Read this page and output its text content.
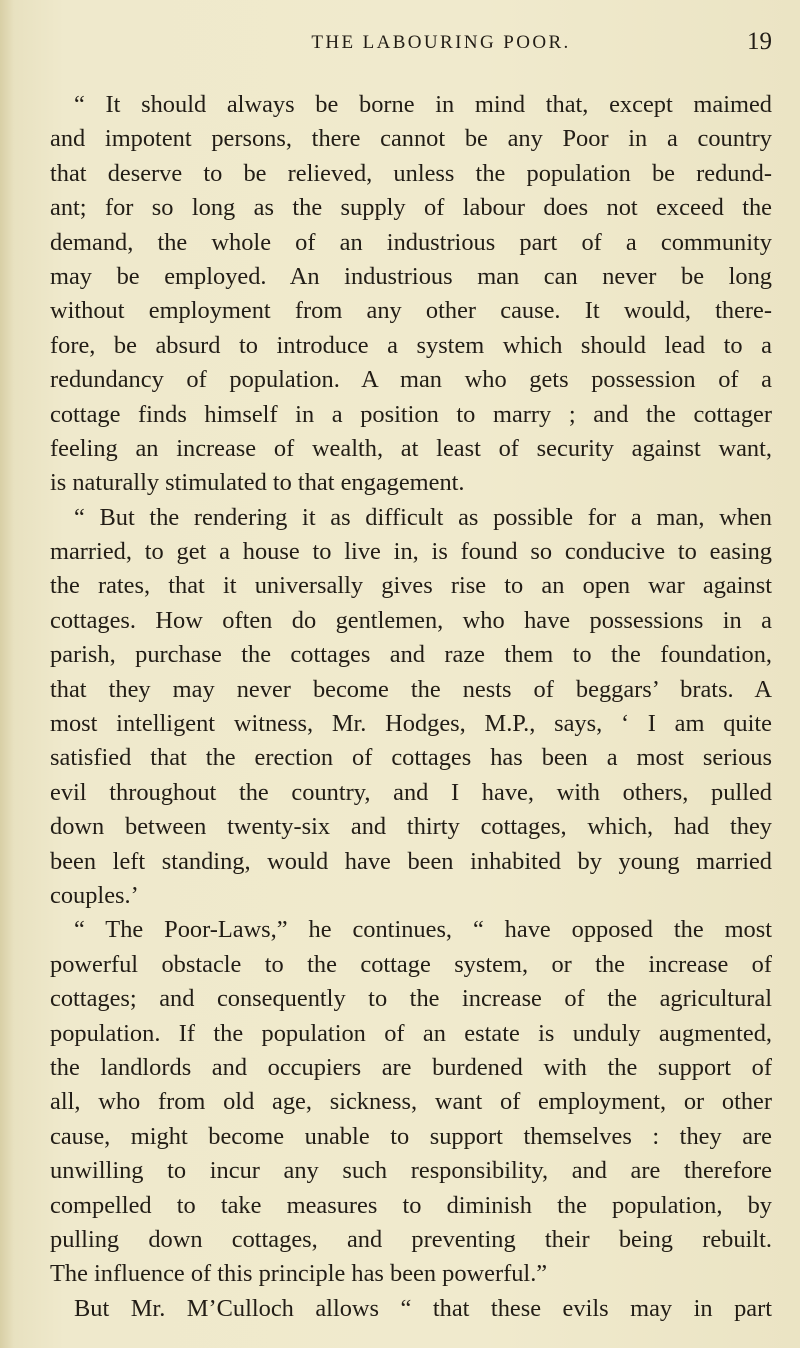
THE LABOURING POOR.	19
“ It should always be borne in mind that, except maimed
and impotent persons, there cannot be any Poor in a country
that deserve to be relieved, unless the population be redund-
ant; for so long as the supply of labour does not exceed the
demand, the whole of an industrious part of a community
may be employed. An industrious man can never be long
without employment from any other cause. It would, there-
fore, be absurd to introduce a system which should lead to a
redundancy of population. A man who gets possession of a
cottage finds himself in a position to marry ; and the cottager
feeling an increase of wealth, at least of security against want,
is naturally stimulated to that engagement.
“ But the rendering it as difficult as possible for a man, when
married, to get a house to live in, is found so conducive to easing
the rates, that it universally gives rise to an open war against
cottages. How often do gentlemen, who have possessions in a
parish, purchase the cottages and raze them to the foundation,
that they may never become the nests of beggars’ brats. A
most intelligent witness, Mr. Hodges, M.P., says, ‘ I am quite
satisfied that the erection of cottages has been a most serious
evil throughout the country, and I have, with others, pulled
down between twenty-six and thirty cottages, which, had they
been left standing, would have been inhabited by young married
couples.’
“ The Poor-Laws,” he continues, “ have opposed the most
powerful obstacle to the cottage system, or the increase of
cottages; and consequently to the increase of the agricultural
population. If the population of an estate is unduly augmented,
the landlords and occupiers are burdened with the support of
all, who from old age, sickness, want of employment, or other
cause, might become unable to support themselves : they are
unwilling to incur any such responsibility, and are therefore
compelled to take measures to diminish the population, by
pulling down cottages, and preventing their being rebuilt.
The influence of this principle has been powerful.”
But Mr. M’Culloch allows “ that these evils may in part
